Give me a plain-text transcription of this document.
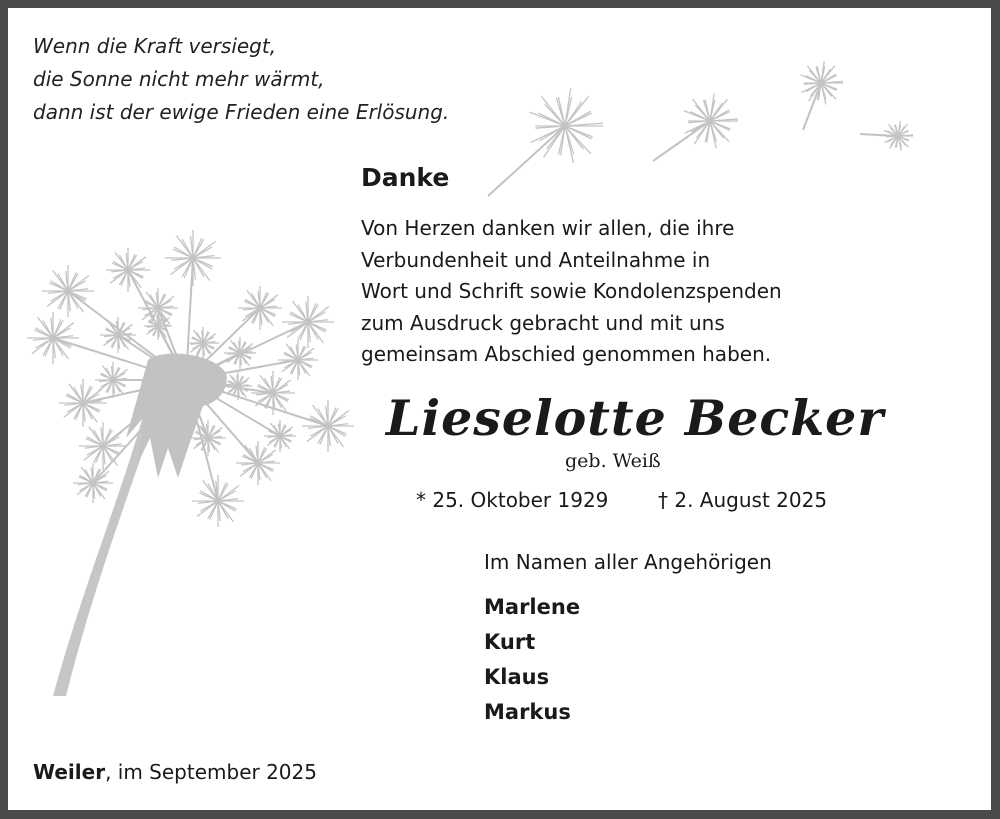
Wenn die Kraft versiegt,
die Sonne nicht mehr wärmt,
dann ist der ewige Frieden eine Erlösung.
Danke
Von Herzen danken wir allen, die ihre
Verbundenheit und Anteilnahme in
Wort und Schrift sowie Kondolenzspenden
zum Ausdruck gebracht und mit uns
gemeinsam Abschied genommen haben.
Lieselotte Becker
geb. Weiß
* 25. Oktober 1929 † 2. August 2025
Im Namen aller Angehörigen
Marlene
Kurt
Klaus
Markus
Weiler, im September 2025
